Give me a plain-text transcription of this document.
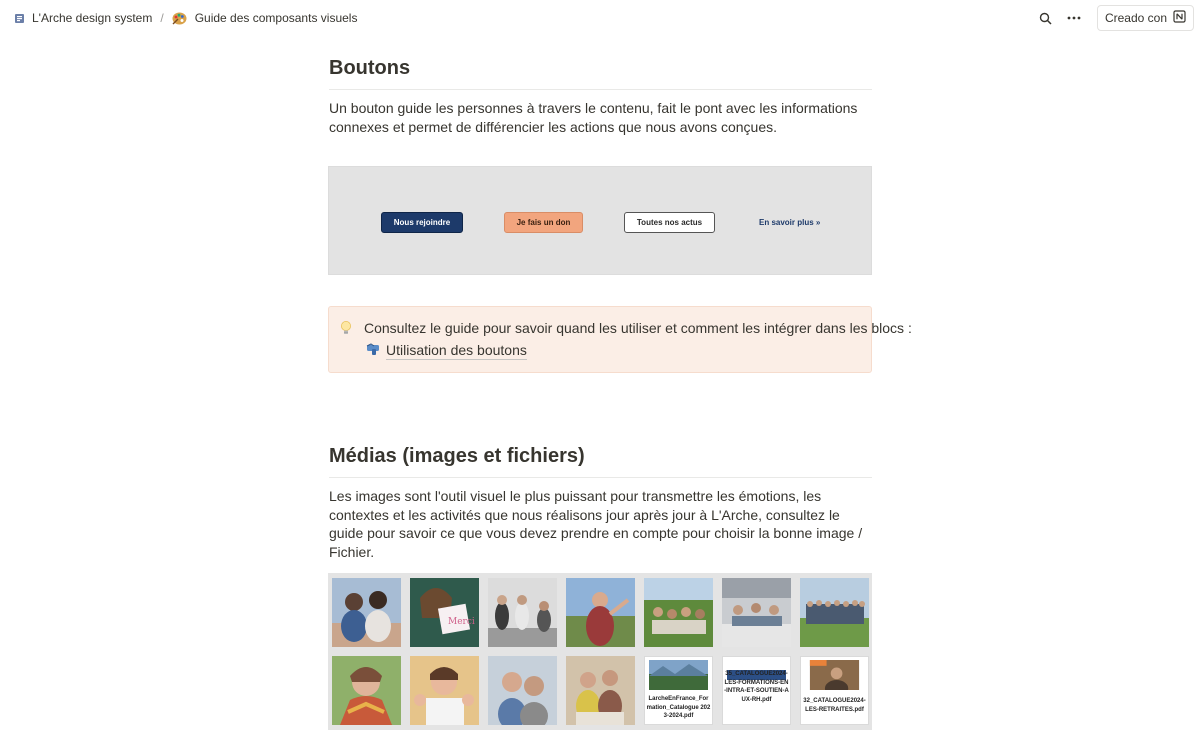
L'Arche design system /	Guide des composants visuels	Creado con
Boutons
Un bouton guide les personnes à travers le contenu, fait le pont avec les informations connexes et permet de différencier les actions que nous avons conçues.
Nous rejoindre	Je fais un don	Toutes nos actus	En savoir plus »
Consultez le guide pour savoir quand les utiliser et comment les intégrer dans les blocs :
Utilisation des boutons
Médias (images et fichiers)
Les images sont l'outil visuel le plus puissant pour transmettre les émotions, les contextes et les activités que nous réalisons jour après jour à L'Arche, consultez le guide pour savoir ce que vous devez prendre en compte pour choisir la bonne image / Fichier.
Merci
LarcheEnFrance_Formation_Catalogue 2023-2024.pdf
35_CATALOGUE2024-LES-FORMATIONS-EN-INTRA-ET-SOUTIEN-AUX-RH.pdf	32_CATALOGUE2024-LES-RETRAITES.pdf
